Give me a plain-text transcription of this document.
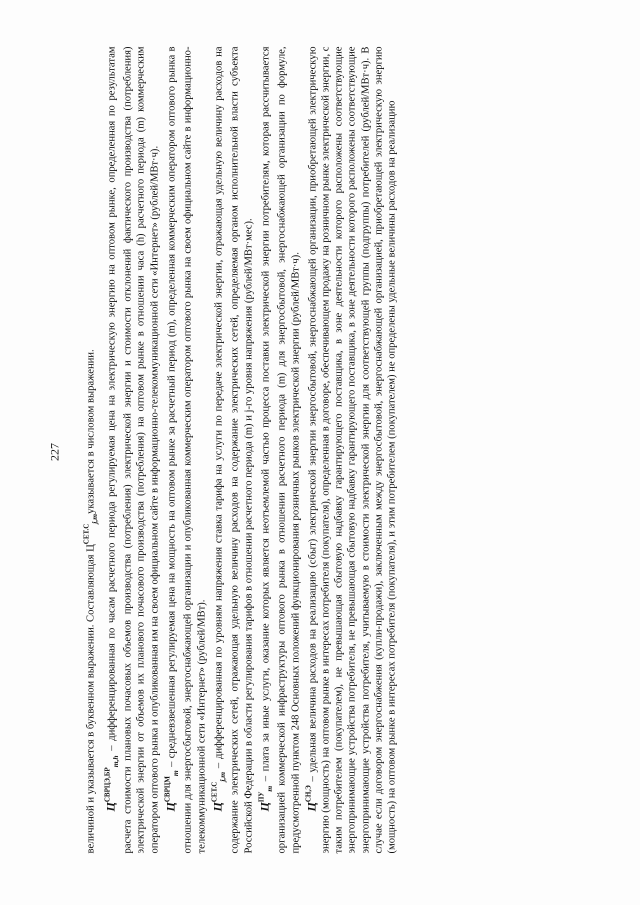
227

величиной и указывается в буквенном выражении. Составляющая $Ц^{СЕТ.С}_{j,m}указывается$ в числовом выражении.

$Ц^{СВРЦЭ,БР}_{m,h}$ – дифференцированная по часам расчетного периода регулируемая цена на электрическую энергию на оптовом рынке, определенная по результатам расчета стоимости плановых почасовых объемов производства (потребления) электрической энергии и стоимости отклонений фактического производства (потребления) электрической энергии от объемов их планового почасового производства (потребления) на оптовом рынке в отношении часа (h) расчетного периода (m) коммерческим оператором оптового рынка и опубликованная им на своем официальном сайте в информационно-телекоммуникационной сети «Интернет» (рублей/МВт·ч). $Ц^{СВРЦМ}_m$ – средневзвешенная регулируемая цена на мощность на оптовом рынке за расчетный период (m), определенная коммерческим оператором оптового рынка в отношении для энергосбытовой, энергоснабжающей организации и опубликованная коммерческим оператором оптового рынка на своем официальном сайте в информационно-телекоммуникационной сети «Интернет» (рублей/МВт). $Ц^{СЕТ.С}_{j,m}$ – дифференцированная по уровням напряжения ставка тарифа на услуги по передаче электрической энергии, отражающая удельную величину расходов на содержание электрических сетей, отражающая удельную величину расходов на содержание электрических сетей, определяемая органом исполнительной власти субъекта Российской Федерации в области регулирования тарифов в отношении расчетного периода (m) и j-го уровня напряжения (рублей/МВт·мес). $Ц^{ПУ}_m$ – плата за иные услуги, оказание которых является неотъемлемой частью процесса поставки электрической энергии потребителям, которая рассчитывается организацией коммерческой инфраструктуры оптового рынка в отношении расчетного периода (m) для энергосбытовой, энергоснабжающей организации по формуле, предусмотренной пунктом 248 Основных положений функционирования розничных рынков электрической энергии (рублей/МВт·ч). $Ц^{СН,Э}$ – удельная величина расходов на реализацию (сбыт) электрической энергии энергосбытовой, энергоснабжающей организации, приобретающей электрическую энергию (мощность) на оптовом рынке в интересах потребителя (покупателя), определенная в договоре, обеспечивающем продажу на розничном рынке электрической энергии, с таким потребителем (покупателем), не превышающая сбытовую надбавку гарантирующего поставщика, в зоне деятельности которого расположены соответствующие энергопринимающие устройства потребителя, не превышающая сбытовую надбавку гарантирующего поставщика, в зоне деятельности которого расположены соответствующие энергопринимающие устройства потребителя, учитываемую в стоимости электрической энергии для соответствующей группы (подгруппы) потребителей (рублей/МВт·ч). В случае если договором энергоснабжения (купли-продажи), заключенным между энергосбытовой, энергоснабжающей организацией, приобретающей электрическую энергию (мощность) на оптовом рынке в интересах потребителя (покупателя), и этим потребителем (покупателем) не определены удельные величины расходов на реализацию
